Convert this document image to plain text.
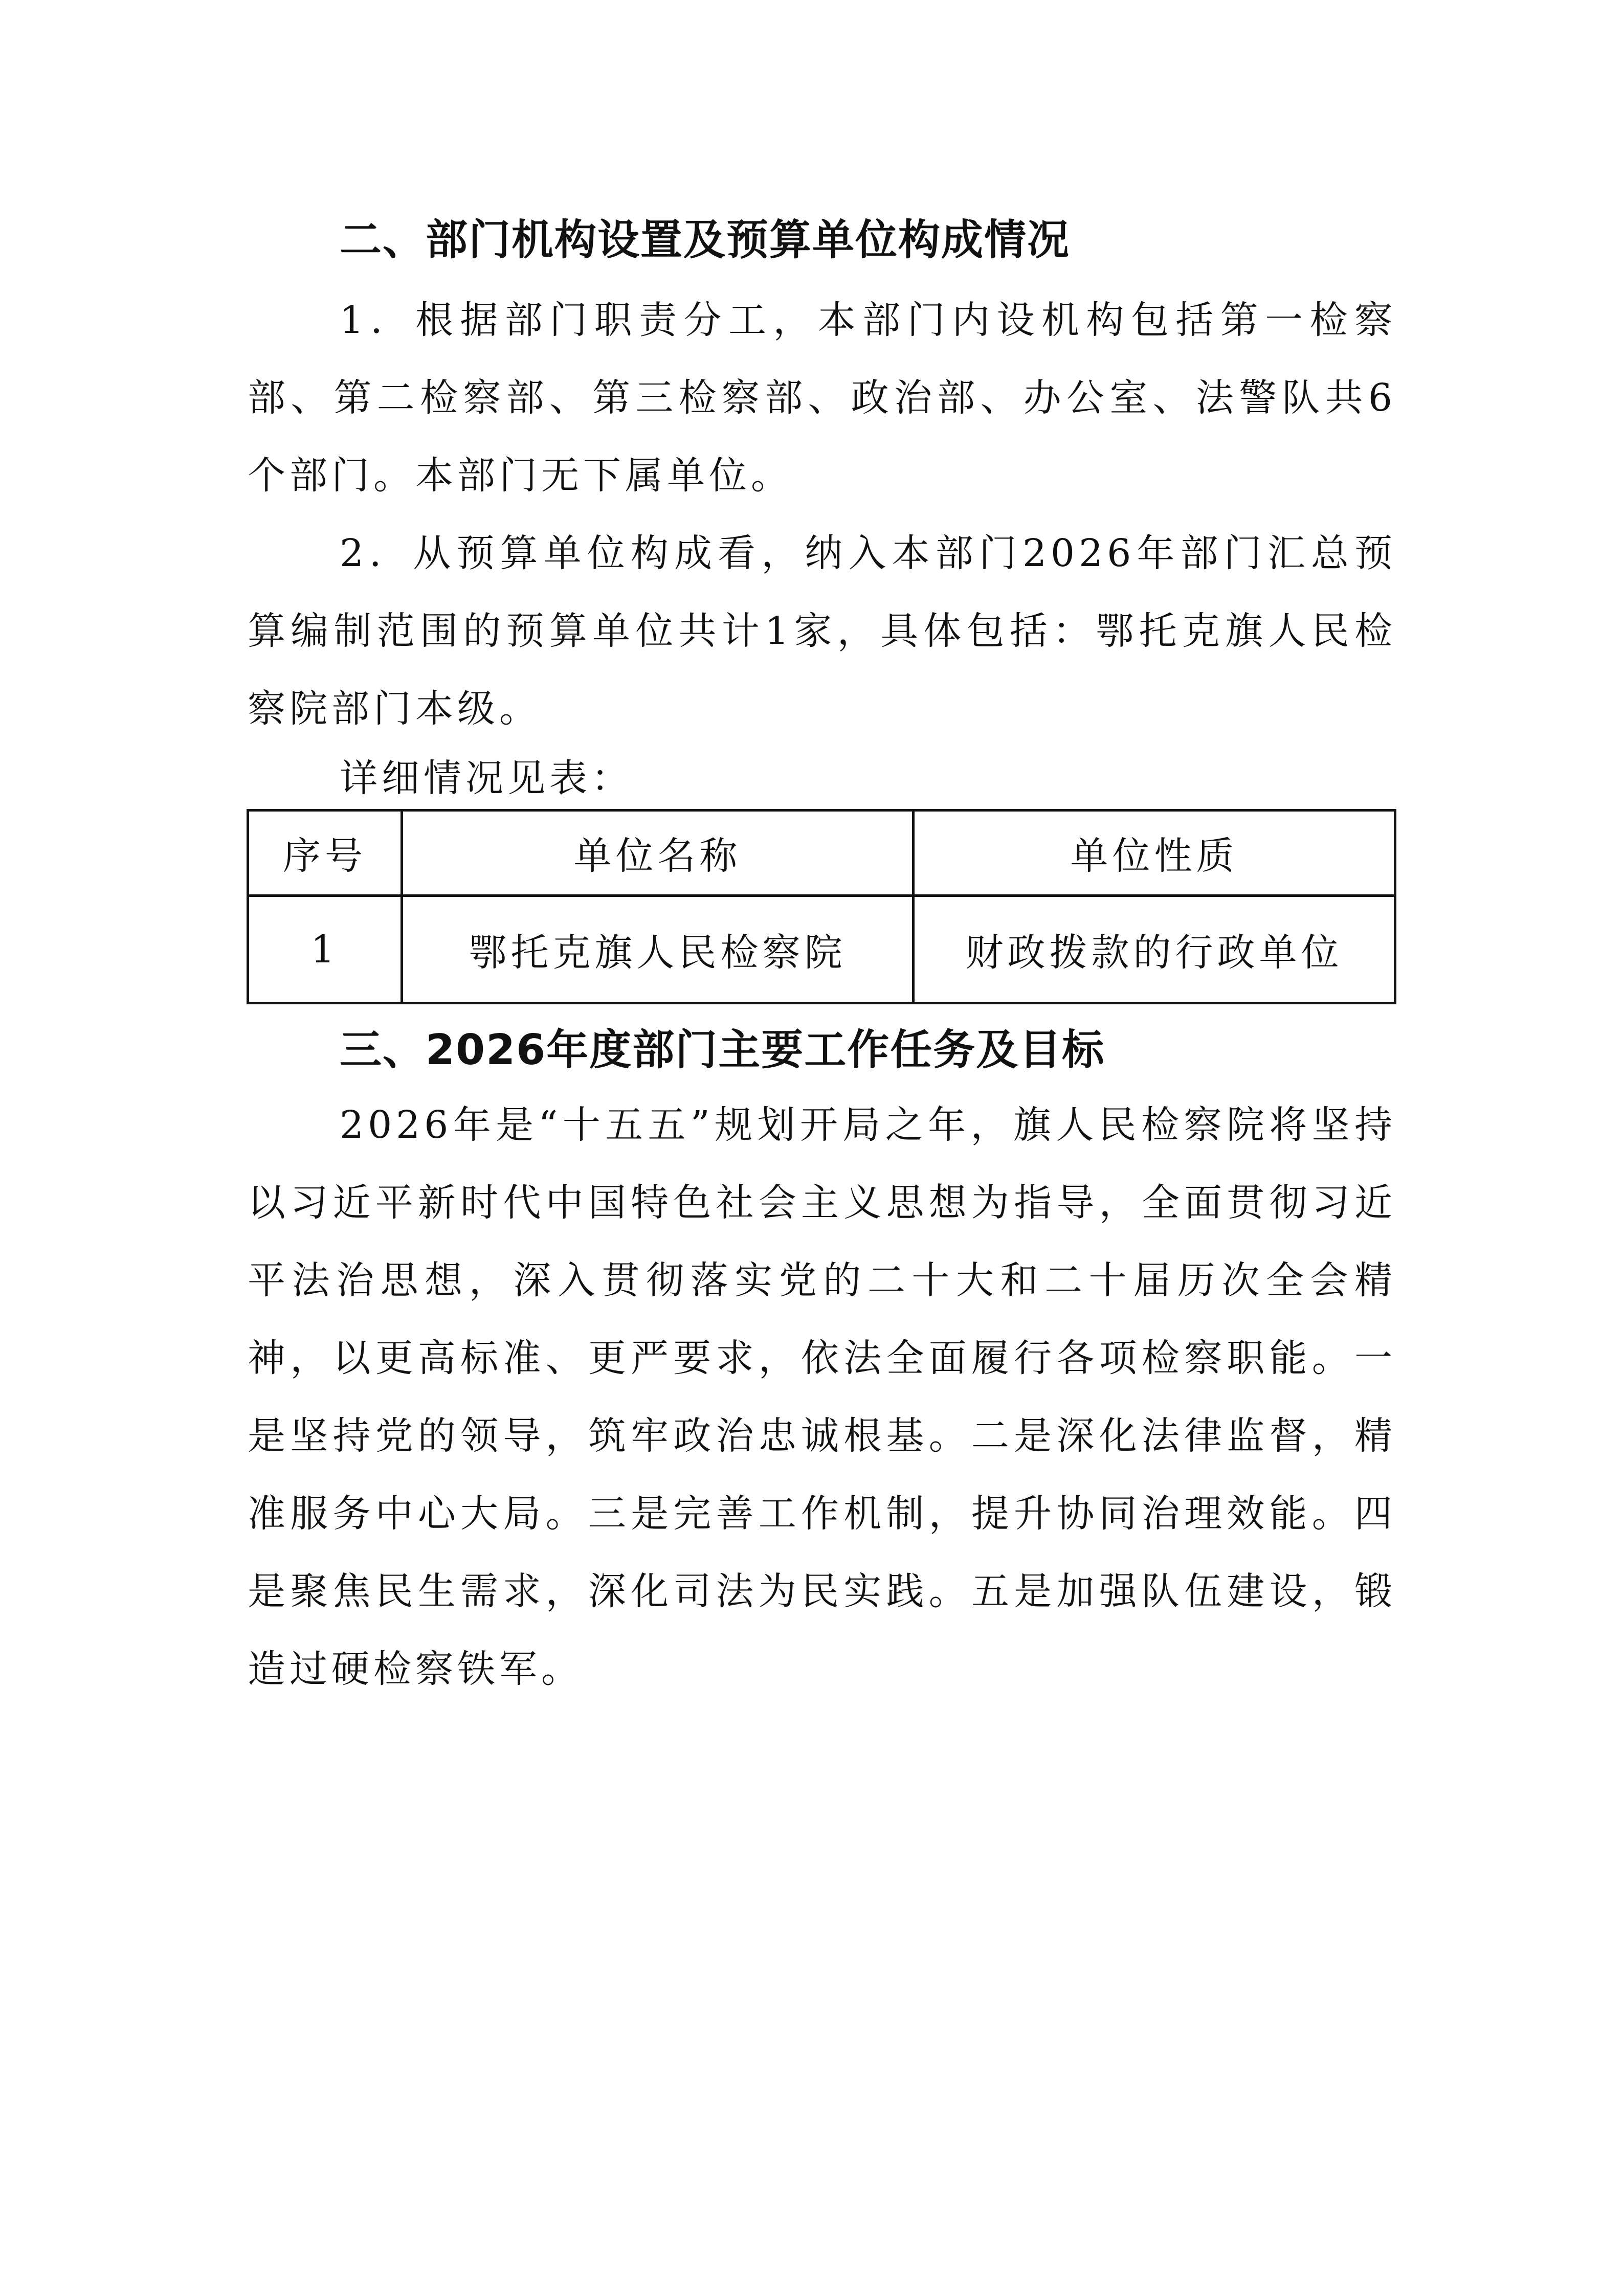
二、部门机构设置及预算单位构成情况

1．根据部门职责分工，本部门内设机构包括第一检察部、第二检察部、第三检察部、政治部、办公室、法警队共6个部门。本部门无下属单位。

2．从预算单位构成看，纳入本部门2026年部门汇总预算编制范围的预算单位共计1家，具体包括：鄂托克旗人民检察院部门本级。

详细情况见表：

序号	单位名称	单位性质
1	鄂托克旗人民检察院	财政拨款的行政单位
三、2026年度部门主要工作任务及目标

2026年是“十五五”规划开局之年，旗人民检察院将坚持以习近平新时代中国特色社会主义思想为指导，全面贯彻习近平法治思想，深入贯彻落实党的二十大和二十届历次全会精神，以更高标准、更严要求，依法全面履行各项检察职能。一是坚持党的领导，筑牢政治忠诚根基。二是深化法律监督，精准服务中心大局。三是完善工作机制，提升协同治理效能。四是聚焦民生需求，深化司法为民实践。五是加强队伍建设，锻造过硬检察铁军。
